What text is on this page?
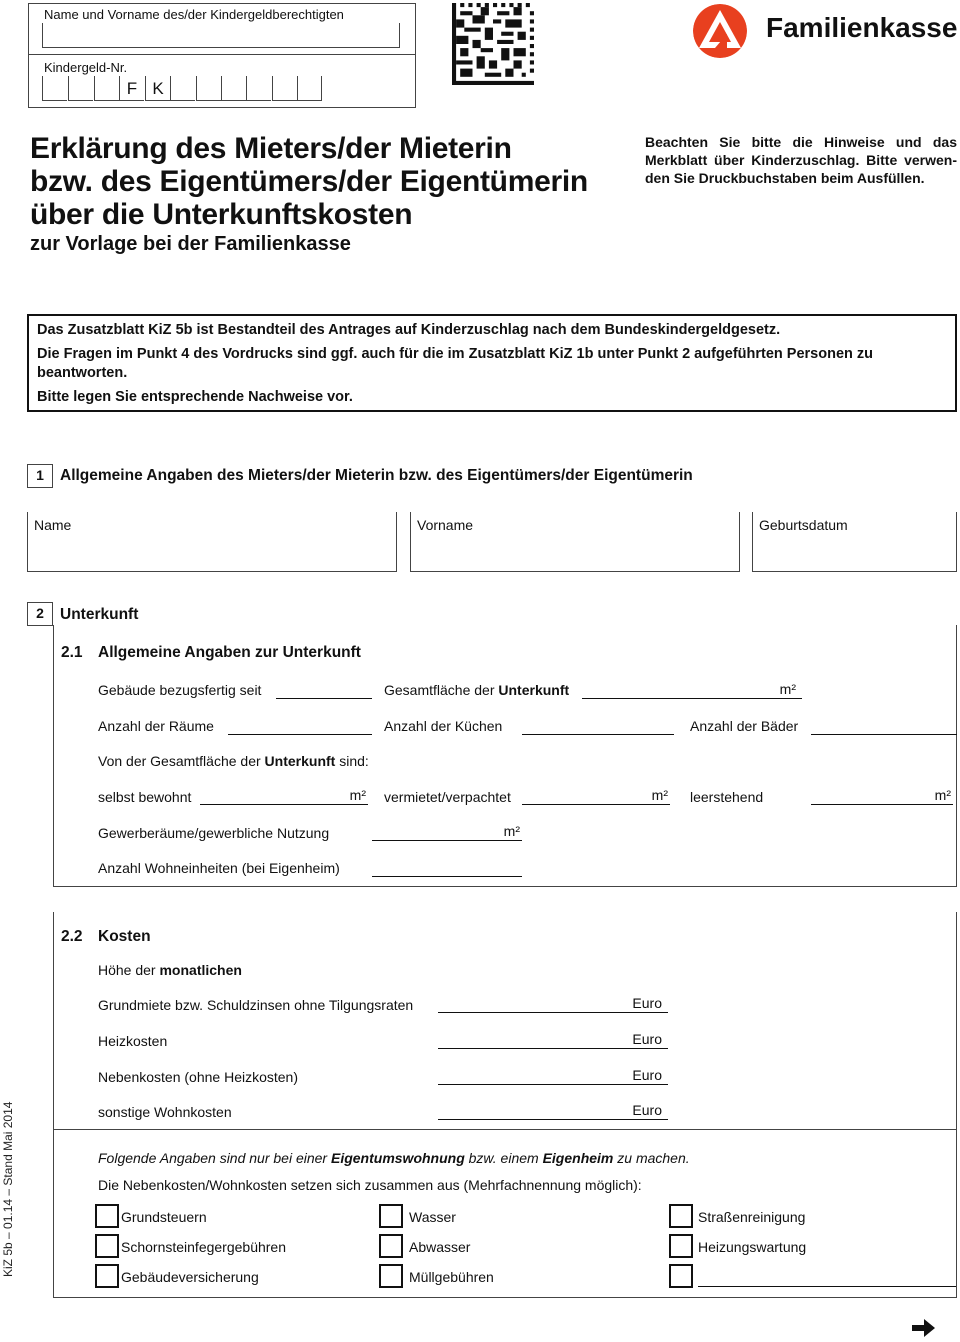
Name und Vorname des/der Kindergeldberechtigten
Kindergeld-Nr.
F K
Familienkasse
Erklärung des Mieters/der Mieterin
bzw. des Eigentümers/der Eigentümerin
über die Unterkunftskosten
zur Vorlage bei der Familienkasse
Beachten Sie bitte die Hinweise und das Merkblatt über Kinderzuschlag. Bitte verwen-den Sie Druckbuchstaben beim Ausfüllen.

Das Zusatzblatt KiZ 5b ist Bestandteil des Antrages auf Kinderzuschlag nach dem Bundeskindergeldgesetz.

Die Fragen im Punkt 4 des Vordrucks sind ggf. auch für die im Zusatzblatt KiZ 1b unter Punkt 2 aufgeführten Personen zu beantworten.

Bitte legen Sie entsprechende Nachweise vor.

1	Allgemeine Angaben des Mieters/der Mieterin bzw. des Eigentümers/der Eigentümerin
Name	Vorname	Geburtsdatum
2	Unterkunft
2.1 Allgemeine Angaben zur Unterkunft
Gebäude bezugsfertig seit	Gesamtfläche der Unterkunft	m²
Anzahl der Räume	Anzahl der Küchen	Anzahl der Bäder
Von der Gesamtfläche der Unterkunft sind:
selbst bewohnt	m² vermietet/verpachtet	m² leerstehend	m²
Gewerberäume/gewerbliche Nutzung	m²
Anzahl Wohneinheiten (bei Eigenheim)
2.2 Kosten
Höhe der monatlichen
Grundmiete bzw. Schuldzinsen ohne Tilgungsraten	Euro
Heizkosten	Euro
Nebenkosten (ohne Heizkosten)	Euro
sonstige Wohnkosten	Euro
Folgende Angaben sind nur bei einer Eigentumswohnung bzw. einem Eigenheim zu machen.
Die Nebenkosten/Wohnkosten setzen sich zusammen aus (Mehrfachnennung möglich):
Grundsteuern	Wasser	Straßenreinigung
Schornsteinfegergebühren	Abwasser	Heizungswartung
Gebäudeversicherung	Müllgebühren
KiZ 5b – 01.14 – Stand Mai 2014
